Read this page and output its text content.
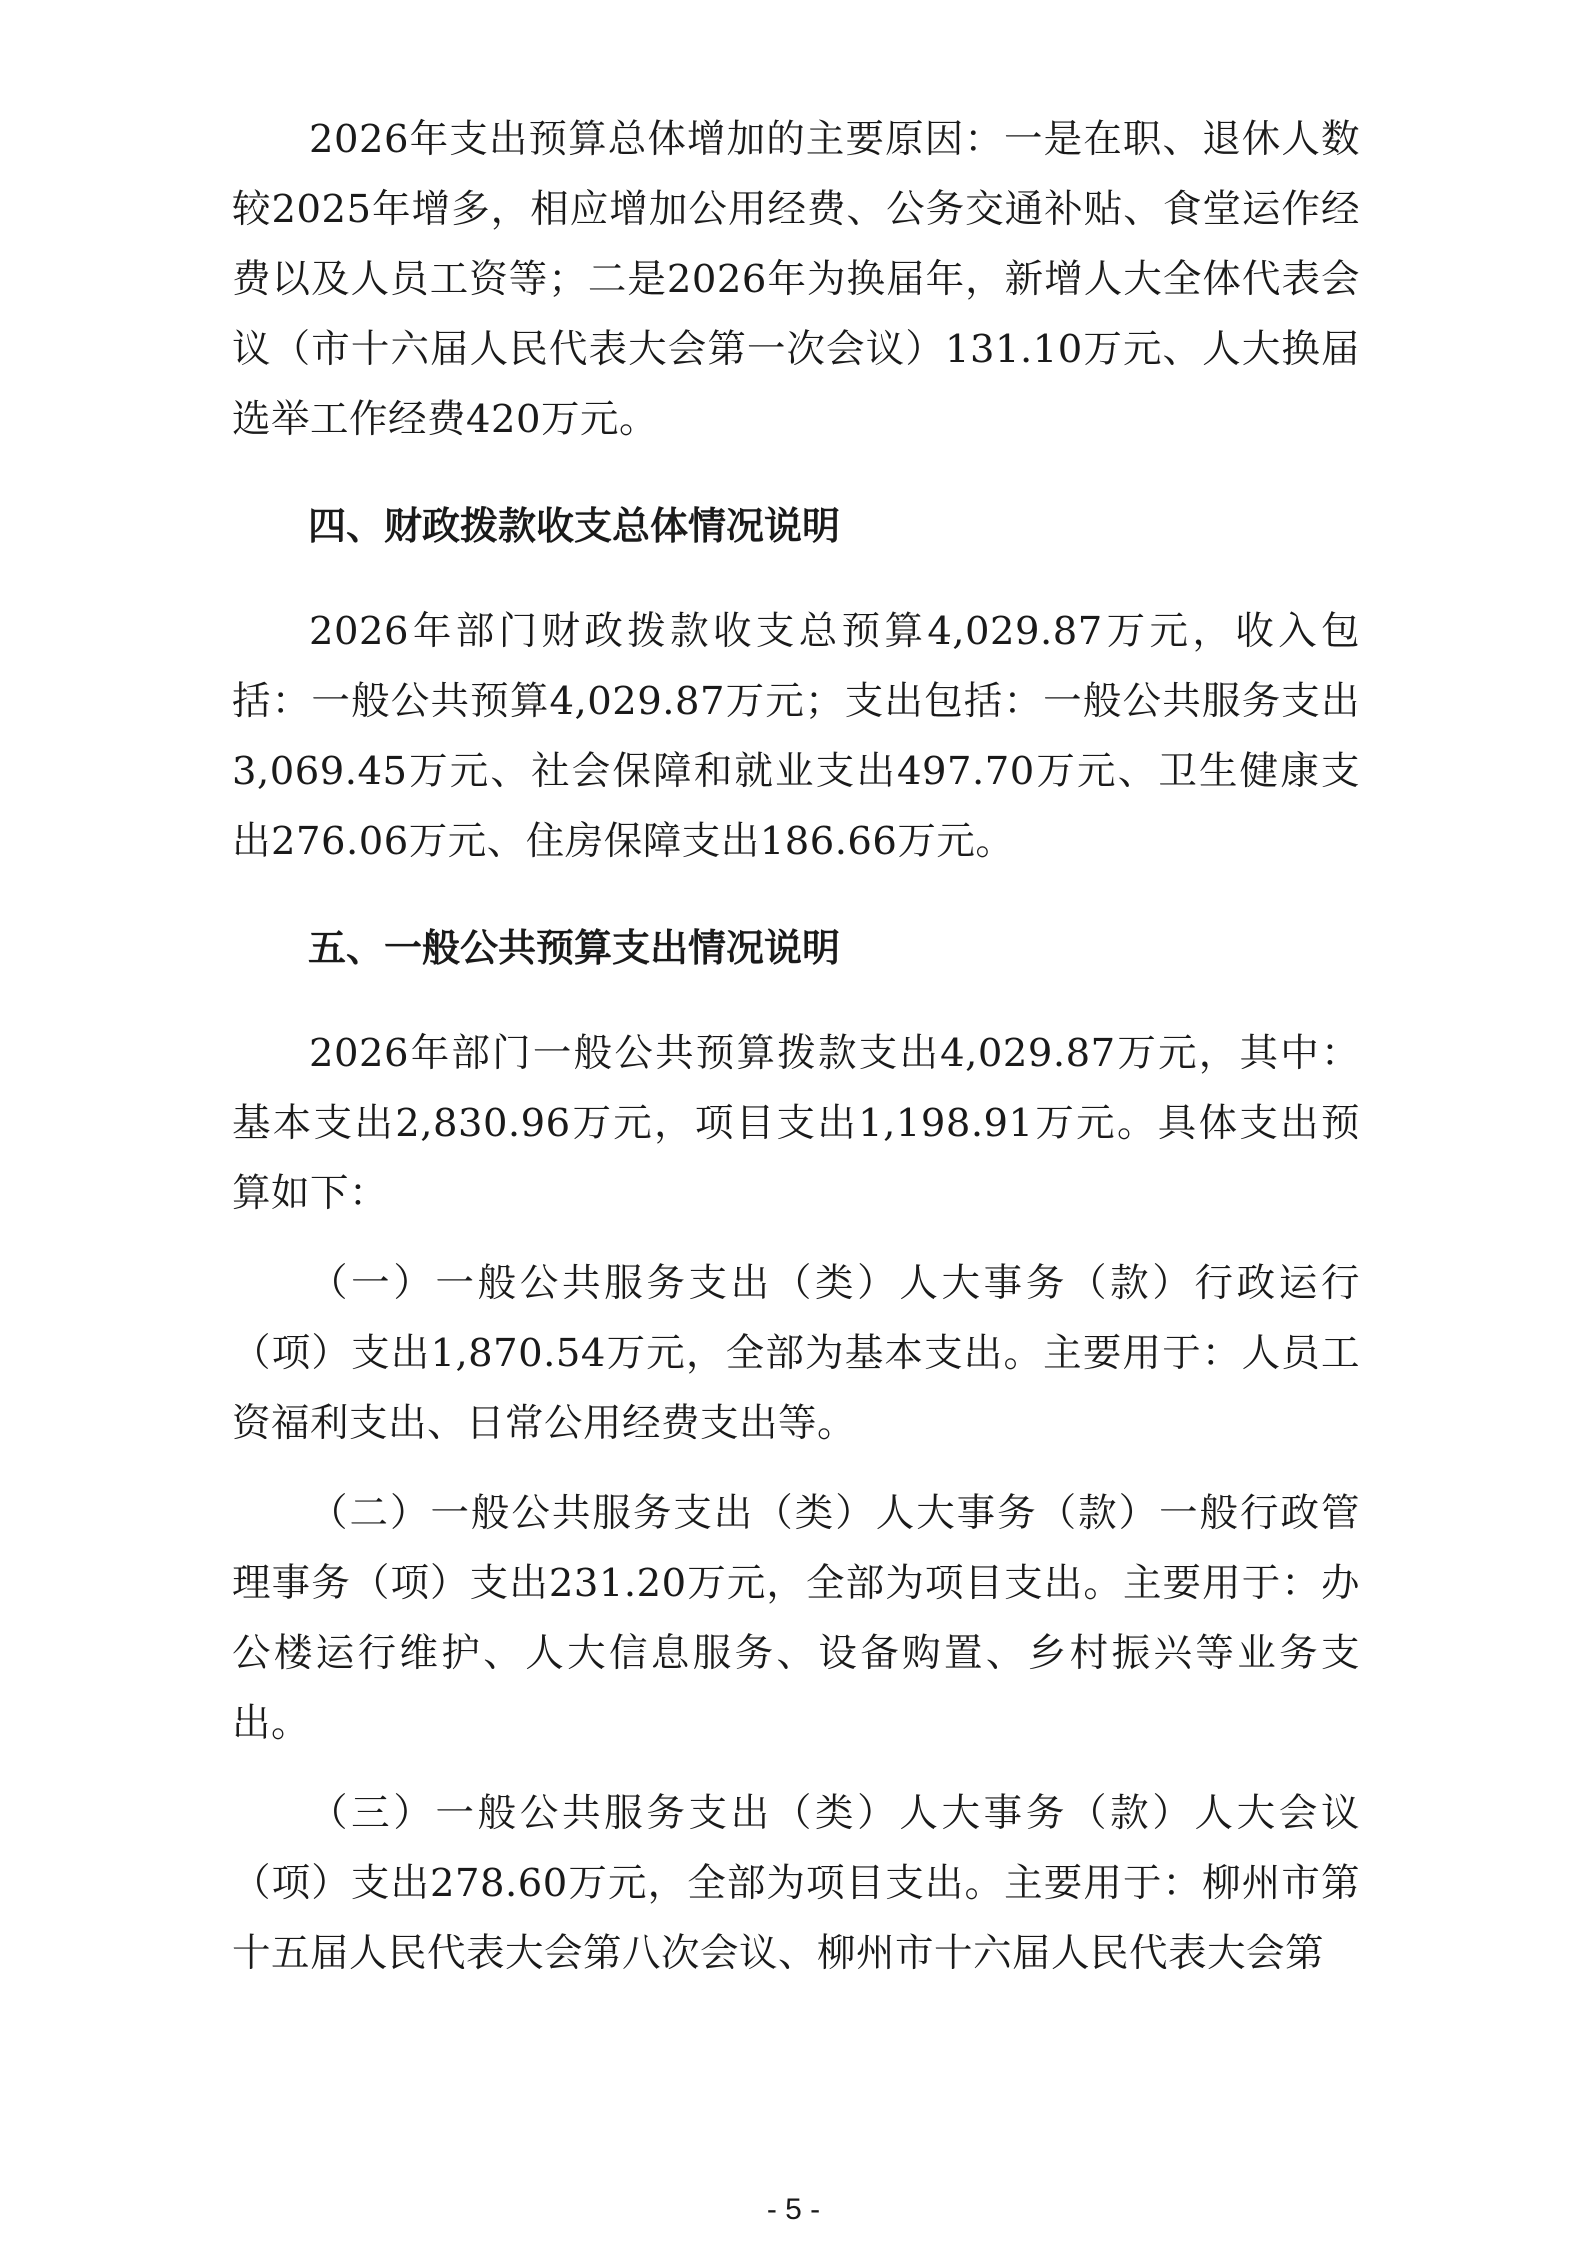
2026年支出预算总体增加的主要原因：一是在职、退休人数较2025年增多，相应增加公用经费、公务交通补贴、食堂运作经费以及人员工资等；二是2026年为换届年，新增人大全体代表会议（市十六届人民代表大会第一次会议）131.10万元、人大换届选举工作经费420万元。

四、财政拨款收支总体情况说明

2026年部门财政拨款收支总预算4,029.87万元，收入包括：一般公共预算4,029.87万元；支出包括：一般公共服务支出3,069.45万元、社会保障和就业支出497.70万元、卫生健康支出276.06万元、住房保障支出186.66万元。

五、一般公共预算支出情况说明

2026年部门一般公共预算拨款支出4,029.87万元，其中：基本支出2,830.96万元，项目支出1,198.91万元。具体支出预算如下：

（一）一般公共服务支出（类）人大事务（款）行政运行（项）支出1,870.54万元，全部为基本支出。主要用于：人员工资福利支出、日常公用经费支出等。

（二）一般公共服务支出（类）人大事务（款）一般行政管理事务（项）支出231.20万元，全部为项目支出。主要用于：办公楼运行维护、人大信息服务、设备购置、乡村振兴等业务支出。

（三）一般公共服务支出（类）人大事务（款）人大会议（项）支出278.60万元，全部为项目支出。主要用于：柳州市第十五届人民代表大会第八次会议、柳州市十六届人民代表大会第

- 5 -
